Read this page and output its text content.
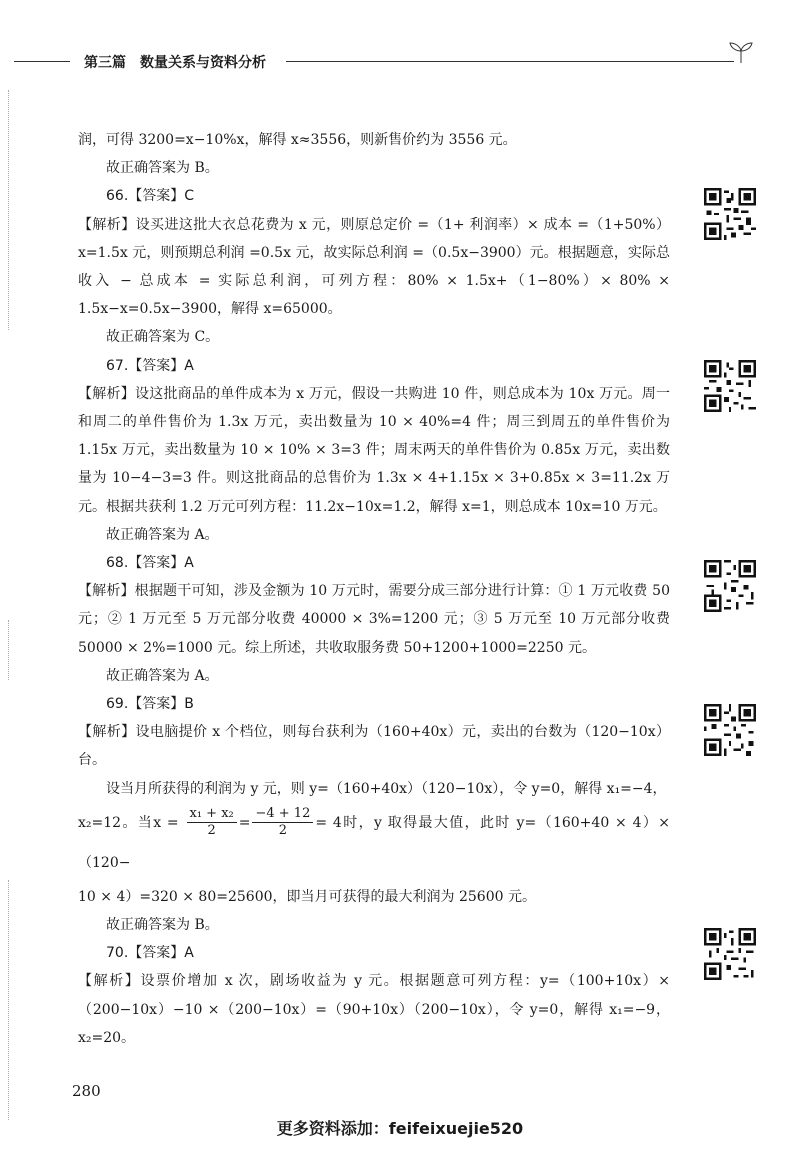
第三篇 数量关系与资料分析

润，可得 3200=x−10%x，解得 x≈3556，则新售价约为 3556 元。

故正确答案为 B。

66.【答案】C

【解析】设买进这批大衣总花费为 x 元，则原总定价 =（1+ 利润率）× 成本 =（1+50%）x=1.5x 元，则预期总利润 =0.5x 元，故实际总利润 =（0.5x−3900）元。根据题意，实际总收入 − 总成本 = 实际总利润，可列方程：80% × 1.5x+（1−80%）× 80% × 1.5x−x=0.5x−3900，解得 x=65000。

故正确答案为 C。

67.【答案】A

【解析】设这批商品的单件成本为 x 万元，假设一共购进 10 件，则总成本为 10x 万元。周一和周二的单件售价为 1.3x 万元，卖出数量为 10 × 40%=4 件；周三到周五的单件售价为 1.15x 万元，卖出数量为 10 × 10% × 3=3 件；周末两天的单件售价为 0.85x 万元，卖出数量为 10−4−3=3 件。则这批商品的总售价为 1.3x × 4+1.15x × 3+0.85x × 3=11.2x 万元。根据共获利 1.2 万元可列方程：11.2x−10x=1.2，解得 x=1，则总成本 10x=10 万元。

故正确答案为 A。

68.【答案】A

【解析】根据题干可知，涉及金额为 10 万元时，需要分成三部分进行计算：① 1 万元收费 50 元；② 1 万元至 5 万元部分收费 40000 × 3%=1200 元；③ 5 万元至 10 万元部分收费 50000 × 2%=1000 元。综上所述，共收取服务费 50+1200+1000=2250 元。

故正确答案为 A。

69.【答案】B

【解析】设电脑提价 x 个档位，则每台获利为（160+40x）元，卖出的台数为（120−10x）台。

设当月所获得的利润为 y 元，则 y=（160+40x）（120−10x），令 y=0，解得 x₁=−4，

x₂=12。当$x = \frac{\text{x₁ + x₂}}{2} = \frac{-4 + 12}{2} = 4$时，y 取得最大值，此时 y=（160+40 × 4）×（120−

10 × 4）=320 × 80=25600，即当月可获得的最大利润为 25600 元。

故正确答案为 B。

70.【答案】A

【解析】设票价增加 x 次，剧场收益为 y 元。根据题意可列方程：y=（100+10x）×（200−10x）−10 ×（200−10x）=（90+10x）（200−10x），令 y=0，解得 x₁=−9，x₂=20。

280
更多资料添加：feifeixuejie520
